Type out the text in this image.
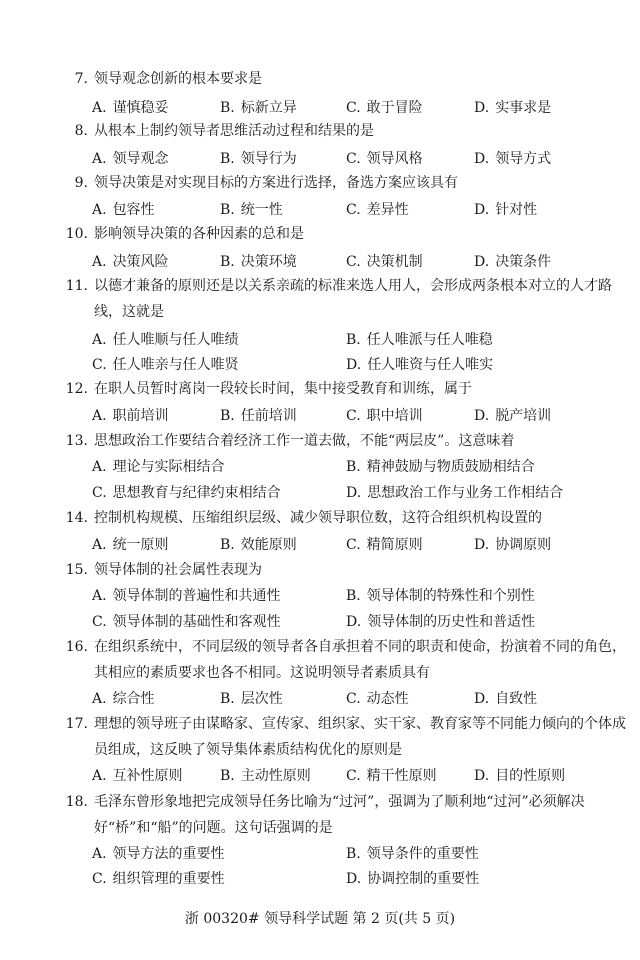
7. 领导观念创新的根本要求是
A. 谨慎稳妥	B. 标新立异	C. 敢于冒险	D. 实事求是
8. 从根本上制约领导者思维活动过程和结果的是
A. 领导观念	B. 领导行为	C. 领导风格	D. 领导方式
9. 领导决策是对实现目标的方案进行选择，备选方案应该具有
A. 包容性	B. 统一性	C. 差异性	D. 针对性
10. 影响领导决策的各种因素的总和是
A. 决策风险	B. 决策环境	C. 决策机制	D. 决策条件
11. 以德才兼备的原则还是以关系亲疏的标准来选人用人，会形成两条根本对立的人才路线，这就是
A. 任人唯顺与任人唯绩	B. 任人唯派与任人唯稳
C. 任人唯亲与任人唯贤	D. 任人唯资与任人唯实
12. 在职人员暂时离岗一段较长时间，集中接受教育和训练，属于
A. 职前培训	B. 任前培训	C. 职中培训	D. 脱产培训
13. 思想政治工作要结合着经济工作一道去做，不能“两层皮”。这意味着
A. 理论与实际相结合	B. 精神鼓励与物质鼓励相结合
C. 思想教育与纪律约束相结合	D. 思想政治工作与业务工作相结合
14. 控制机构规模、压缩组织层级、减少领导职位数，这符合组织机构设置的
A. 统一原则	B. 效能原则	C. 精简原则	D. 协调原则
15. 领导体制的社会属性表现为
A. 领导体制的普遍性和共通性	B. 领导体制的特殊性和个别性
C. 领导体制的基础性和客观性	D. 领导体制的历史性和普适性
16. 在组织系统中，不同层级的领导者各自承担着不同的职责和使命，扮演着不同的角色，其相应的素质要求也各不相同。这说明领导者素质具有
A. 综合性	B. 层次性	C. 动态性	D. 自致性
17. 理想的领导班子由谋略家、宣传家、组织家、实干家、教育家等不同能力倾向的个体成员组成，这反映了领导集体素质结构优化的原则是
A. 互补性原则	B. 主动性原则	C. 精干性原则	D. 目的性原则
18. 毛泽东曾形象地把完成领导任务比喻为“过河”，强调为了顺利地“过河”必须解决好“桥”和“船”的问题。这句话强调的是
A. 领导方法的重要性	B. 领导条件的重要性
C. 组织管理的重要性	D. 协调控制的重要性
浙 00320# 领导科学试题 第 2 页(共 5 页)
